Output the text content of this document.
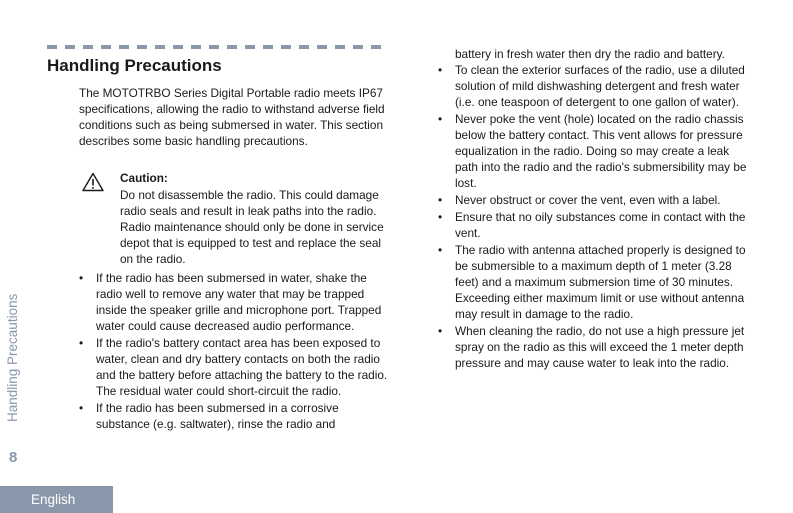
Handling Precautions

The MOTOTRBO Series Digital Portable radio meets IP67 specifications, allowing the radio to withstand adverse field conditions such as being submersed in water. This section describes some basic handling precautions.

Caution:

Do not disassemble the radio. This could damage radio seals and result in leak paths into the radio. Radio maintenance should only be done in service depot that is equipped to test and replace the seal on the radio.

• If the radio has been submersed in water, shake the radio well to remove any water that may be trapped inside the speaker grille and microphone port. Trapped water could cause decreased audio performance.
• If the radio's battery contact area has been exposed to water, clean and dry battery contacts on both the radio and the battery before attaching the battery to the radio. The residual water could short-circuit the radio.
• If the radio has been submersed in a corrosive substance (e.g. saltwater), rinse the radio and

battery in fresh water then dry the radio and battery.

• To clean the exterior surfaces of the radio, use a diluted solution of mild dishwashing detergent and fresh water (i.e. one teaspoon of detergent to one gallon of water).
• Never poke the vent (hole) located on the radio chassis below the battery contact. This vent allows for pressure equalization in the radio. Doing so may create a leak path into the radio and the radio's submersibility may be lost.
• Never obstruct or cover the vent, even with a label.
• Ensure that no oily substances come in contact with the vent.
• The radio with antenna attached properly is designed to be submersible to a maximum depth of 1 meter (3.28 feet) and a maximum submersion time of 30 minutes. Exceeding either maximum limit or use without antenna may result in damage to the radio.
• When cleaning the radio, do not use a high pressure jet spray on the radio as this will exceed the 1 meter depth pressure and may cause water to leak into the radio.
Handling Precautions
8
English
